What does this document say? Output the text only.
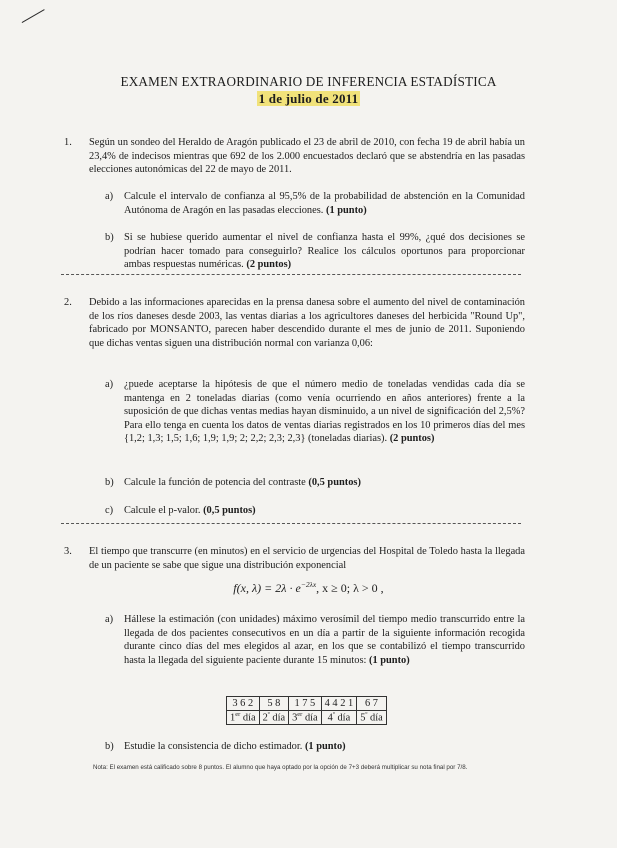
EXAMEN EXTRAORDINARIO DE INFERENCIA ESTADÍSTICA
1 de julio de 2011
1. Según un sondeo del Heraldo de Aragón publicado el 23 de abril de 2010, con fecha 19 de abril había un 23,4% de indecisos mientras que 692 de los 2.000 encuestados declaró que se abstendría en las pasadas elecciones autonómicas del 22 de mayo de 2011.
a) Calcule el intervalo de confianza al 95,5% de la probabilidad de abstención en la Comunidad Autónoma de Aragón en las pasadas elecciones. (1 punto)
b) Si se hubiese querido aumentar el nivel de confianza hasta el 99%, ¿qué dos decisiones se podrían hacer tomado para conseguirlo? Realice los cálculos oportunos para proporcionar ambas respuestas numéricas. (2 puntos)
2. Debido a las informaciones aparecidas en la prensa danesa sobre el aumento del nivel de contaminación de los ríos daneses desde 2003, las ventas diarias a los agricultores daneses del herbicida "Round Up", fabricado por MONSANTO, parecen haber descendido durante el mes de junio de 2011. Suponiendo que dichas ventas siguen una distribución normal con varianza 0,06:
a) ¿puede aceptarse la hipótesis de que el número medio de toneladas vendidas cada día se mantenga en 2 toneladas diarias (como venía ocurriendo en años anteriores) frente a la suposición de que dichas ventas medias hayan disminuido, a un nivel de significación del 2,5%? Para ello tenga en cuenta los datos de ventas diarias registrados en los 10 primeros días del mes {1,2; 1,3; 1,5; 1,6; 1,9; 1,9; 2; 2,2; 2,3; 2,3} (toneladas diarias). (2 puntos)
b) Calcule la función de potencia del contraste (0,5 puntos)
c) Calcule el p-valor. (0,5 puntos)
3. El tiempo que transcurre (en minutos) en el servicio de urgencias del Hospital de Toledo hasta la llegada de un paciente se sabe que sigue una distribución exponencial
f(x, $\lambda) = 2\lambda \cdot e^{-2\lambda x}$, x ≥ 0; λ > 0 ,
a) Hállese la estimación (con unidades) máximo verosímil del tiempo medio transcurrido entre la llegada de dos pacientes consecutivos en un día a partir de la siguiente información recogida durante cinco días del mes elegidos al azar, en los que se contabilizó el tiempo transcurrido hasta la llegada del siguiente paciente durante 15 minutos: (1 punto)
3 6 2	5 8	1 7 5	4 4 2 1	6 7
1er día	$2^º$ día	3er día	$4^º$ día	$5^º$ día
b) Estudie la consistencia de dicho estimador. (1 punto)
Nota: El examen está calificado sobre 8 puntos. El alumno que haya optado por la opción de 7+3 deberá multiplicar su nota final por 7/8.
